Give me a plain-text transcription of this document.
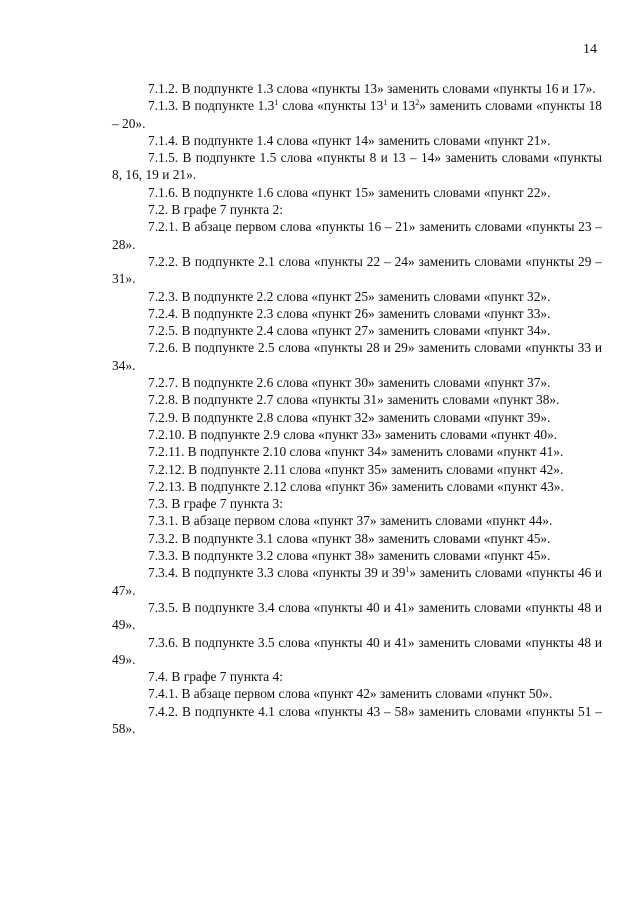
14

7.1.2. В подпункте 1.3 слова «пункты 13» заменить словами «пункты 16 и 17».

7.1.3. В подпункте $1.3^1$ слова «пункты $13^1$ и $13^2$» заменить словами «пункты 18 – 20».

7.1.4. В подпункте 1.4 слова «пункт 14» заменить словами «пункт 21».

7.1.5. В подпункте 1.5 слова «пункты 8 и 13 – 14» заменить словами «пункты 8, 16, 19 и 21».

7.1.6. В подпункте 1.6 слова «пункт 15» заменить словами «пункт 22».

7.2. В графе 7 пункта 2:

7.2.1. В абзаце первом слова «пункты 16 – 21» заменить словами «пункты 23 – 28».

7.2.2. В подпункте 2.1 слова «пункты 22 – 24» заменить словами «пункты 29 – 31».

7.2.3. В подпункте 2.2 слова «пункт 25» заменить словами «пункт 32».

7.2.4. В подпункте 2.3 слова «пункт 26» заменить словами «пункт 33».

7.2.5. В подпункте 2.4 слова «пункт 27» заменить словами «пункт 34».

7.2.6. В подпункте 2.5 слова «пункты 28 и 29» заменить словами «пункты 33 и 34».

7.2.7. В подпункте 2.6 слова «пункт 30» заменить словами «пункт 37».

7.2.8. В подпункте 2.7 слова «пункты 31» заменить словами «пункт 38».

7.2.9. В подпункте 2.8 слова «пункт 32» заменить словами «пункт 39».

7.2.10. В подпункте 2.9 слова «пункт 33» заменить словами «пункт 40».

7.2.11. В подпункте 2.10 слова «пункт 34» заменить словами «пункт 41».

7.2.12. В подпункте 2.11 слова «пункт 35» заменить словами «пункт 42».

7.2.13. В подпункте 2.12 слова «пункт 36» заменить словами «пункт 43».

7.3. В графе 7 пункта 3:

7.3.1. В абзаце первом слова «пункт 37» заменить словами «пункт 44».

7.3.2. В подпункте 3.1 слова «пункт 38» заменить словами «пункт 45».

7.3.3. В подпункте 3.2 слова «пункт 38» заменить словами «пункт 45».

7.3.4. В подпункте 3.3 слова «пункты 39 и $39^1$» заменить словами «пункты 46 и 47».

7.3.5. В подпункте 3.4 слова «пункты 40 и 41» заменить словами «пункты 48 и 49».

7.3.6. В подпункте 3.5 слова «пункты 40 и 41» заменить словами «пункты 48 и 49».

7.4. В графе 7 пункта 4:

7.4.1. В абзаце первом слова «пункт 42» заменить словами «пункт 50».

7.4.2. В подпункте 4.1 слова «пункты 43 – 58» заменить словами «пункты 51 – 58».
